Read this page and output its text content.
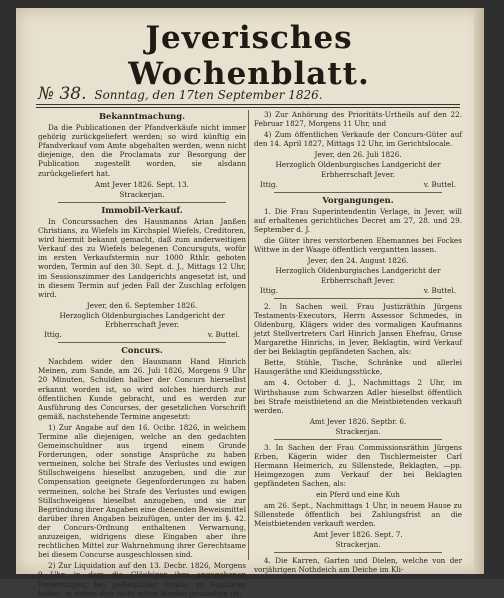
Jeverisches Wochenblatt.
№ 38. Sonntag, den 17ten September 1826.
Bekanntmachung.
Da die Publicationen der Pfandverkäufe nicht immer gehörig zurückgeliefert werden; so wird künftig ein Pfandverkauf vom Amte abgehalten werden, wenn nicht diejenige, den die Proclamata zur Besorgung der Publication zugestellt worden, sie alsdann zurückgeliefert hat.
Amt Jever 1826. Sept. 13.
Strackerjan.
Immobil-Verkauf.
In Concurssachen des Hausmanns Arian Janßen Christians, zu Wiefels im Kirchspiel Wiefels, Creditoren, wird hiermit bekannt gemacht, daß zum anderweitigen Verkauf des zu Wiefels belegenen Concursguts, wofür im ersten Verkaufstermin nur 1000 Rthlr. geboten worden, Termin auf den 30. Sept. d. J., Mittags 12 Uhr, im Sessionszimmer des Landgerichts angesetzt ist, und in diesem Termin auf jeden Fall der Zuschlag erfolgen wird.
Jever, den 6. September 1826.
Herzoglich Oldenburgisches Landgericht der Erbherrschaft Jever.
Ittig.	v. Buttel.
Concurs.
Nachdem wider den Hausmann Hand Hinrich Meinen, zum Sande, am 26. Juli 1826, Morgens 9 Uhr 20 Minuten, Schulden halber der Concurs hierselbst erkannt worden ist, so wird solches hierdurch zur öffentlichen Kunde gebracht, und es werden zur Ausführung des Concurses, der gesetzlichen Vorschrift gemäß, nachstehende Termine angesetzt:
1) Zur Angabe auf den 16. Octbr. 1826, in welchem Termine alle diejenigen, welche an den gedachten Gemeinschuldner aus irgend einem Grunde Forderungen, oder sonstige Ansprüche zu haben vermeinen, solche bei Strafe des Verlustes und ewigen Stillschweigens hieselbst anzugeben, und die zur Compensation geeignete Gegenforderungen zu haben vermeinen, solche bei Strafe des Verlustes und ewigen Stillschweigens hieselbst anzugeben, und sie zur Begründung ihrer Angaben eine dienenden Beweismittel darüber ihren Angaben beizufügen, unter der im §. 42. der Concurs-Ordnung enthaltenen Verwarnung, anzuzeigen, widrigens diese Eingaben aber ihre rechtlichen Mittel zur Wahrnehmung ihrer Gerechtsame bei diesem Concurse ausgeschlossen sind.
2) Zur Liquidation auf den 13. Decbr. 1826, Morgens 9 Uhr, in dem die Gläubiger ihre angegebenen Forderungen, bei gefänglicher Strafe, zu liquidiren haben, in sofern dies nicht schon hierbei geschehen ist;
3) Zur Anhörung des Prioritäts-Urtheils auf den 22. Februar 1827, Morgens 11 Uhr, und
4) Zum öffentlichen Verkaufe der Concurs-Güter auf den 14. April 1827, Mittags 12 Uhr, im Gerichtslocale.
Jever, den 26. Juli 1826.
Herzoglich Oldenburgisches Landgericht der Erbherrschaft Jever.
Ittig.	v. Buttel.
Vorgangungen.
1. Die Frau Superintendentin Verlage, in Jever, will auf erhaltenes gerichtliches Decret am 27, 28. und 29. September d. J.
die Güter ihres verstorbenen Ehemannes bei Fockes Wittwe in der Waage öffentlich vergantten lassen.
Jever, den 24. August 1826.
Herzoglich Oldenburgisches Landgericht der Erbherrschaft Jever.
Ittig.	v. Buttel.
2. In Sachen weil. Frau Justizräthin Jürgens Testaments-Executors, Herrn Assessor Schmedes, in Oldenburg, Klägers wider des vormaligen Kaufmanns jetzt Stellvertreters Carl Hinrich Jansen Ehefrau, Gruse Margarethe Hinrichs, in Jever, Beklagtin, wird Verkauf der bei Beklagtin gepfändeten Sachen, als:
Bette, Stühle, Tische, Schränke und allerlei Hausgeräthe und Kleidungsstücke,
am 4. October d. J., Nachmittags 2 Uhr, im Wirthshause zum Schwarzen Adler hieselbst öffentlich bei Strafe meistbietend an die Meistbietenden verkauft werden.
Amt Jever 1826. Septbr. 6.
Strackerjan.
3. In Sachen der Frau Commissionsräthin Jürgens Erben, Kägerin wider den Tischlermeister Carl Hermann Heimerich, zu Sillenstede, Beklagten, —pp. Heimgezogen zum Verkauf der bei Beklagten gepfändeten Sachen, als:
ein Pferd und eine Kuh
am 26. Sept., Nachmittags 1 Uhr, in neuem Hause zu Sillenstede öffentlich bei Zahlungsfrist an die Meistbietenden verkauft werden.
Amt Jever 1826. Sept. 7.
Strackerjan.
4. Die Karren, Garten und Dielen, welche von der vorjährigen Nothdeich am Deiche im Kli-
